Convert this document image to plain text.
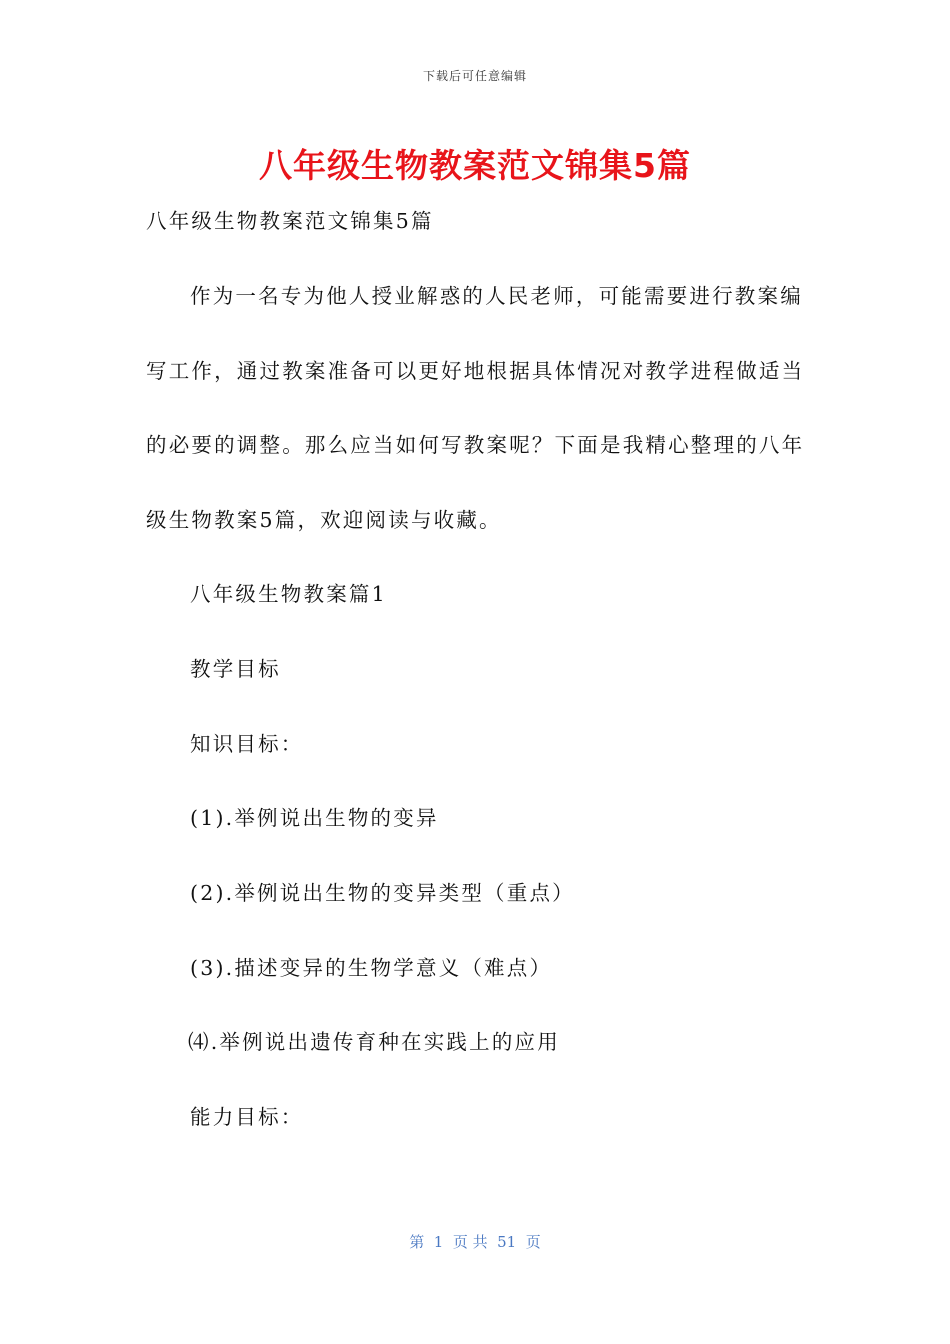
下载后可任意编辑
八年级生物教案范文锦集5篇
八年级生物教案范文锦集5篇
作为一名专为他人授业解惑的人民老师，可能需要进行教案编
写工作，通过教案准备可以更好地根据具体情况对教学进程做适当
的必要的调整。那么应当如何写教案呢？下面是我精心整理的八年
级生物教案5篇，欢迎阅读与收藏。
八年级生物教案篇1
教学目标
知识目标：
(1).举例说出生物的变异
(2).举例说出生物的变异类型（重点）
(3).描述变异的生物学意义（难点）
⑷.举例说出遗传育种在实践上的应用
能力目标：
第  1  页 共  51  页
